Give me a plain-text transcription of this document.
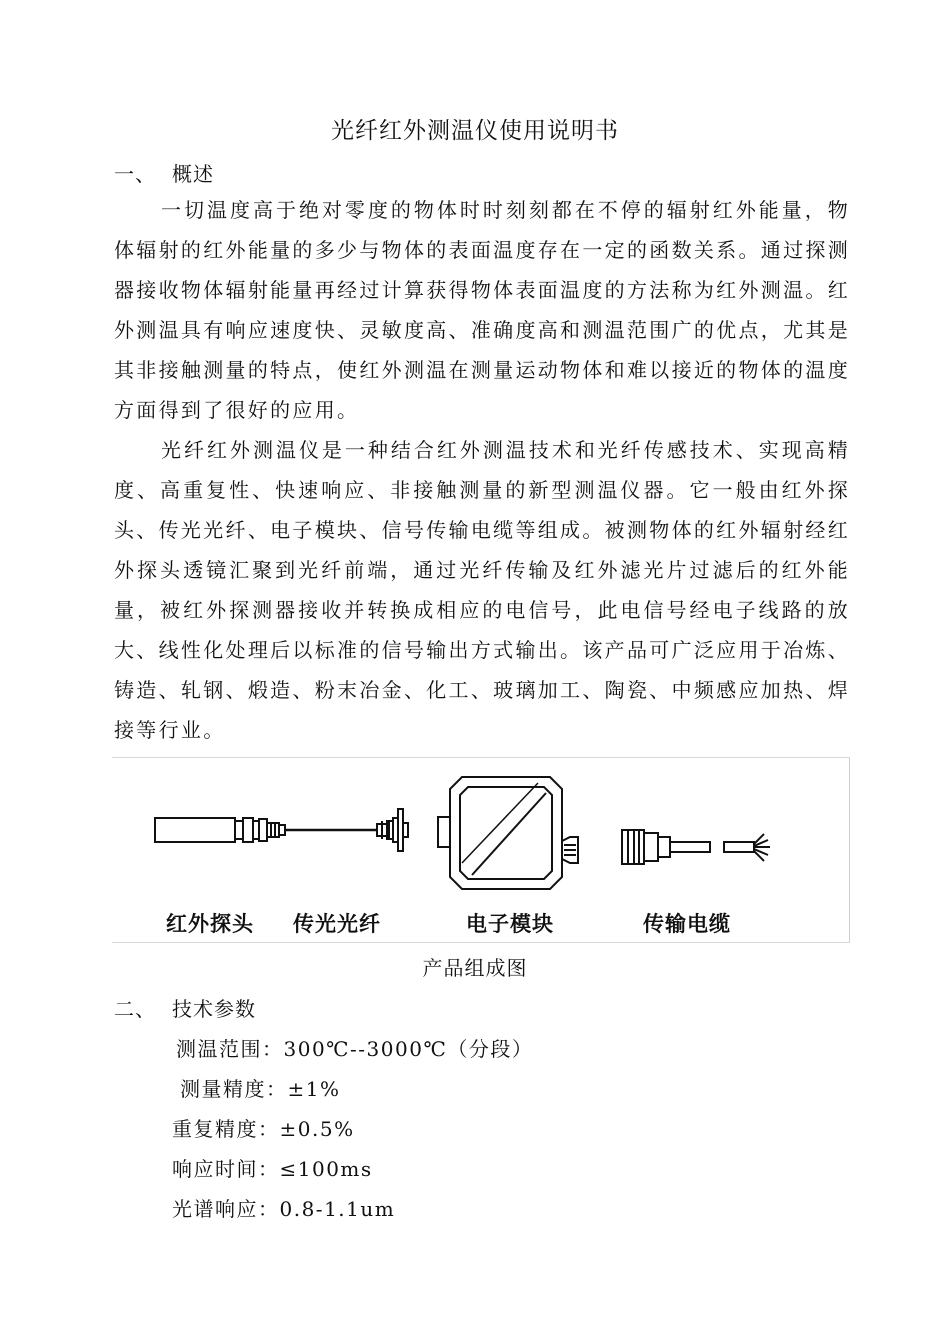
光纤红外测温仪使用说明书
一、 概述

一切温度高于绝对零度的物体时时刻刻都在不停的辐射红外能量，物体辐射的红外能量的多少与物体的表面温度存在一定的函数关系。通过探测器接收物体辐射能量再经过计算获得物体表面温度的方法称为红外测温。红外测温具有响应速度快、灵敏度高、准确度高和测温范围广的优点，尤其是其非接触测量的特点，使红外测温在测量运动物体和难以接近的物体的温度方面得到了很好的应用。

光纤红外测温仪是一种结合红外测温技术和光纤传感技术、实现高精度、高重复性、快速响应、非接触测量的新型测温仪器。它一般由红外探头、传光光纤、电子模块、信号传输电缆等组成。被测物体的红外辐射经红外探头透镜汇聚到光纤前端，通过光纤传输及红外滤光片过滤后的红外能量，被红外探测器接收并转换成相应的电信号，此电信号经电子线路的放大、线性化处理后以标准的信号输出方式输出。该产品可广泛应用于冶炼、铸造、轧钢、煅造、粉末冶金、化工、玻璃加工、陶瓷、中频感应加热、焊接等行业。

红外探头 传光光纤	电子模块	传输电缆
产品组成图
二、 技术参数
测温范围：300℃--3000℃（分段）
测量精度：±1%
重复精度：±0.5%
响应时间：≤100ms
光谱响应：0.8-1.1um
